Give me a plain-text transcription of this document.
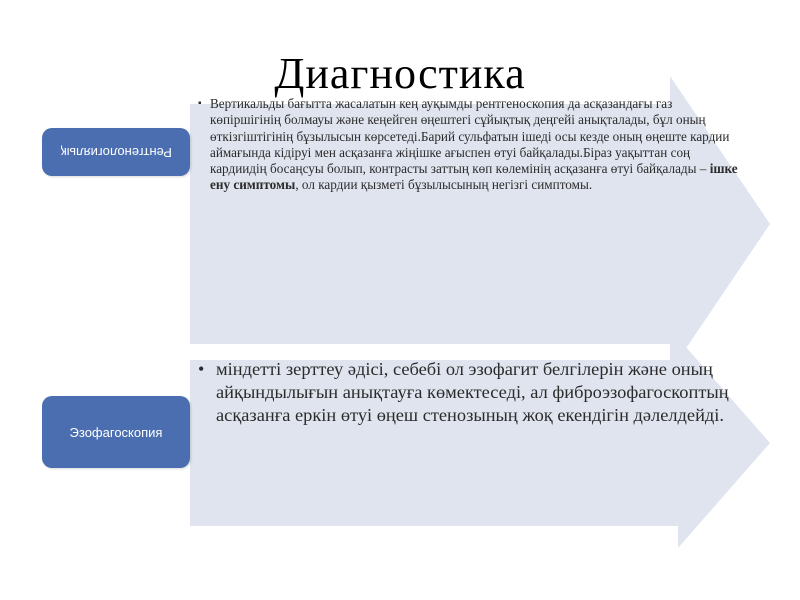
Диагностика
Рентгенологиялық
Эзофагоскопия
▪ Вертикальды бағытта жасалатын кең ауқымды рентгеноскопия да асқазандағы газ көпіршігінің болмауы және кеңейген өңештегі сұйықтық деңгейі анықталады, бұл оның өткізгіштігінің бұзылысын көрсетеді.Барий сульфатын ішеді осы кезде оның өңеште кардии аймағында кідіруі мен асқазанға жіңішке ағыспен өтуі байқалады.Біраз уақыттан соң кардиидің босаңсуы болып, контрасты заттың көп көлемінің асқазанға өтуі байқалады – ішке ену симптомы, ол кардии қызметі бұзылысының негізгі симптомы.
• міндетті зерттеу әдісі, себебі ол эзофагит белгілерін және оның айқындылығын анықтауға көмектеседі, ал фиброэзофагоскоптың асқазанға еркін өтуі өңеш стенозының жоқ екендігін дәлелдейді.
